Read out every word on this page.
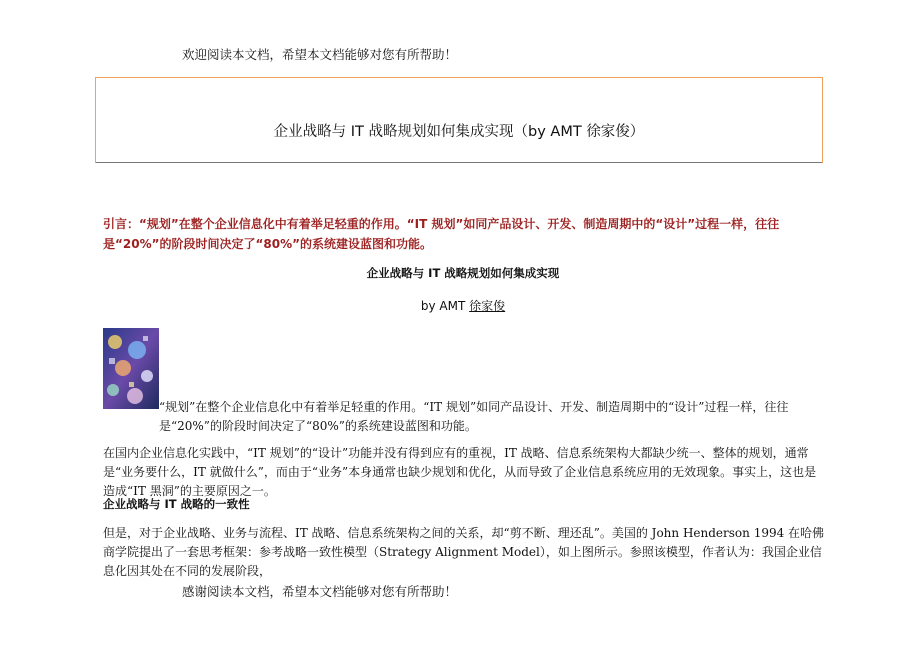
欢迎阅读本文档，希望本文档能够对您有所帮助！
企业战略与 IT 战略规划如何集成实现（by AMT 徐家俊）
引言：“规划”在整个企业信息化中有着举足轻重的作用。“IT 规划”如同产品设计、开发、制造周期中的“设计”过程一样，往往是“20%”的阶段时间决定了“80%”的系统建设蓝图和功能。
企业战略与 IT 战略规划如何集成实现
by AMT 徐家俊
“规划”在整个企业信息化中有着举足轻重的作用。“IT 规划”如同产品设计、开发、制造周期中的“设计”过程一样，往往是“20%”的阶段时间决定了“80%”的系统建设蓝图和功能。
在国内企业信息化实践中，“IT 规划”的“设计”功能并没有得到应有的重视，IT 战略、信息系统架构大都缺少统一、整体的规划，通常是“业务要什么，IT 就做什么”，而由于“业务”本身通常也缺少规划和优化，从而导致了企业信息系统应用的无效现象。事实上，这也是造成“IT 黑洞”的主要原因之一。
企业战略与 IT 战略的一致性
但是，对于企业战略、业务与流程、IT 战略、信息系统架构之间的关系，却“剪不断、理还乱”。美国的 John Henderson 1994 在哈佛商学院提出了一套思考框架：参考战略一致性模型（Strategy Alignment Model），如上图所示。参照该模型，作者认为：我国企业信息化因其处在不同的发展阶段，
感谢阅读本文档，希望本文档能够对您有所帮助！
